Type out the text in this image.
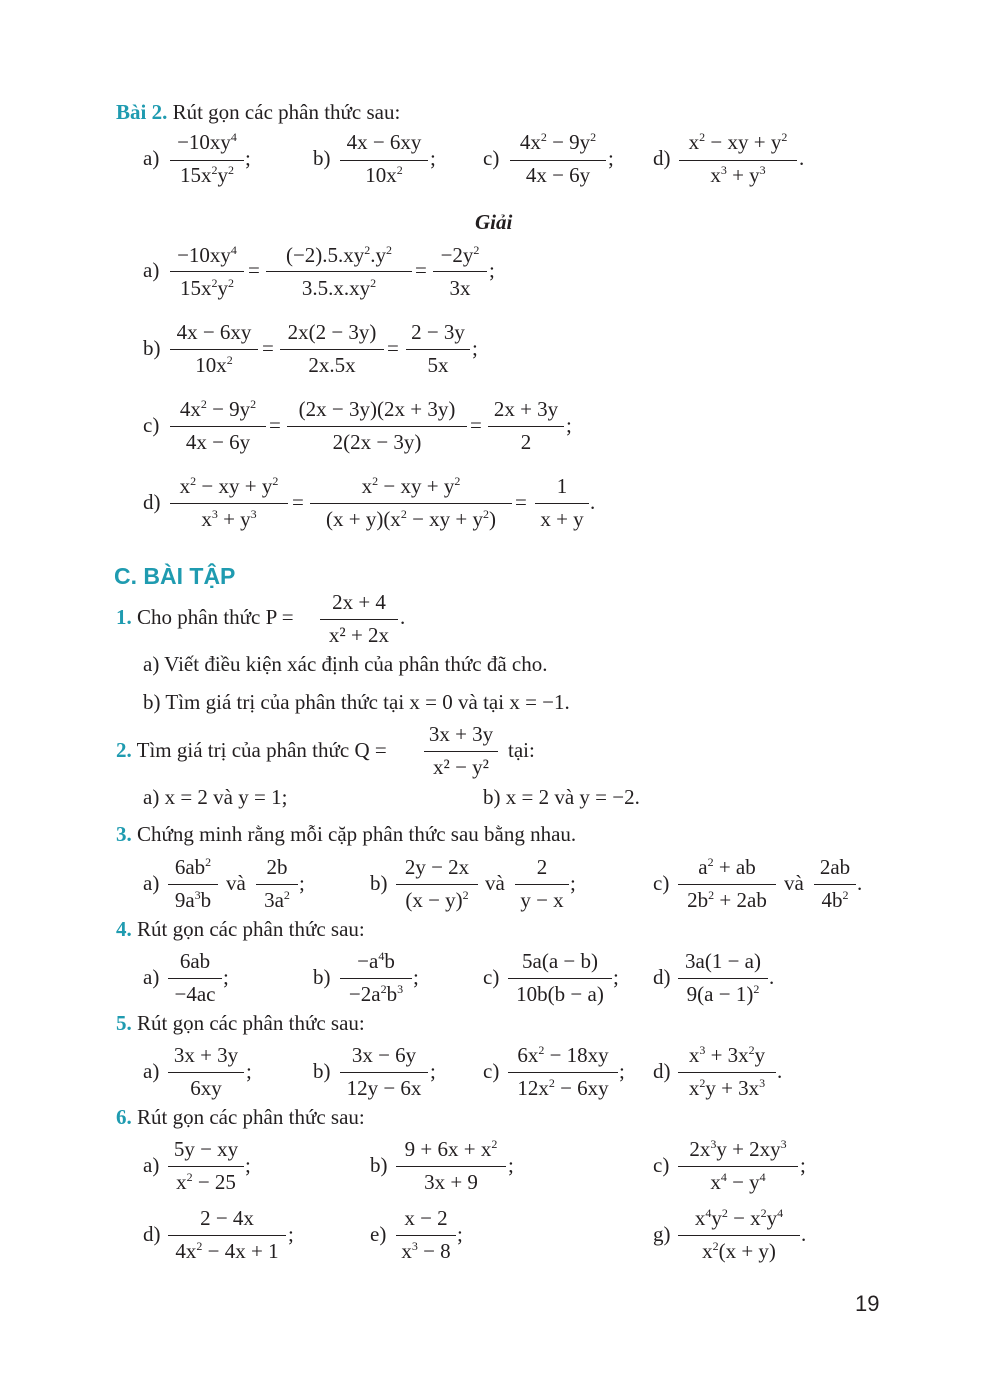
Bài 2. Rút gọn các phân thức sau:
a)
$-10xy^4$
$15x^2y^2$ ;	b)
4x − 6xy
$10x^2$	; c)
$4x^2 - 9y^2$
4x − 6y
; d)
$x^2$ − xy + $y^2$
$x^3 + y^3$	.
Giải
a)
$-10xy^4$
$15x^2y^2$
=
$(-2).5.xy^2.y^2$
$3.5.x.xy^2$
=
$-2y^2$
3x
;
b)
4x − 6xy
$10x^2$	=
2x(2 − 3y)
2x.5x
=
2 − 3y
5x
;
c)
$4x^2 - 9y^2$
4x − 6y
=
(2x − 3y)(2x + 3y)
2(2x − 3y)
=
2x + 3y
2
;
d)
$x^2$ − xy + $y^2$
$x^3 + y^3$	=
$x^2$ − xy + $y^2$
$(x + y)(x^2$ − xy + $y^2$)
=
1
x + y
.
C. BÀI TẬP
1. Cho phân thức P =
2x + 4
x² + 2x
.
a) Viết điều kiện xác định của phân thức đã cho.
b) Tìm giá trị của phân thức tại x = 0 và tại x = −1.
2. Tìm giá trị của phân thức Q =
3x + 3y
x² − y²
tại:
a) x = 2 và y = 1;	b) x = 2 và y = −2.
3. Chứng minh rằng mỗi cặp phân thức sau bằng nhau.
a)
$6ab^2$
$9a^3b$
và
2b
$3a^2$ ;	b)
2y − 2x
$(x - y)^2$ và
2
y − x
;	c)
$a^2$ + ab
$2b^2 + 2ab$
và
2ab
$4b^2$ .
4. Rút gọn các phân thức sau:
a)
6ab
−4ac
;	b)
$-a^4b$
$-2a^2b^3$ ;	c)
5a(a − b)
10b(b − a)
; d)
3a(1 − a)
$9(a - 1)^2$ .
5. Rút gọn các phân thức sau:
a)
3x + 3y
6xy
;	b)
3x − 6y
12y − 6x
; c)
$6x^2 - 18xy$
$12x^2 - 6xy$
; d)
$x^3 + 3x^2y$
$x^2y + 3x^3$ .
6. Rút gọn các phân thức sau:
a)
5y − xy
$x^2 - 25$
;	b)
$9 + 6x + x^2$
3x + 9
;	c)
$2x^3y + 2xy^3$
$x^4 - y^4$	;
d)
2 − 4x
$4x^2 - 4x + 1$
;	e)
x − 2
$x^3 - 8$
;	g)
$x^4y^2 - x^2y^4$
$x^2(x + y)$
.
19
